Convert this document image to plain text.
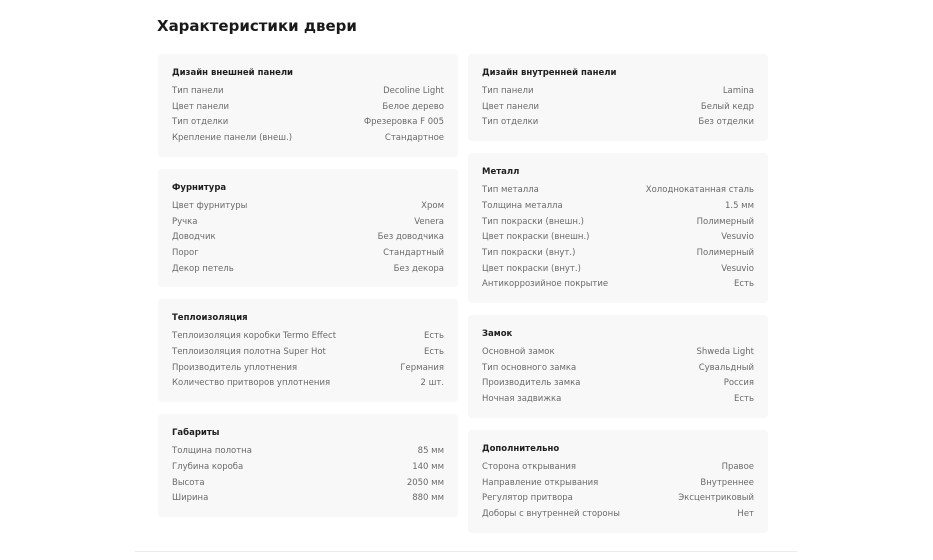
Характеристики двери
Дизайн внешней панели
Тип панели	Decoline Light
Цвет панели	Белое дерево
Тип отделки	Фрезеровка F 005
Крепление панели (внеш.)	Стандартное
Фурнитура
Цвет фурнитуры	Хром
Ручка	Venera
Доводчик	Без доводчика
Порог	Стандартный
Декор петель	Без декора
Теплоизоляция
Теплоизоляция коробки Termo Effect	Есть
Теплоизоляция полотна Super Hot	Есть
Производитель уплотнения	Германия
Количество притворов уплотнения	2 шт.
Габариты
Толщина полотна	85 мм
Глубина короба	140 мм
Высота	2050 мм
Ширина	880 мм
Дизайн внутренней панели
Тип панели	Lamina
Цвет панели	Белый кедр
Тип отделки	Без отделки
Металл
Тип металла	Холоднокатанная сталь
Толщина металла	1.5 мм
Тип покраски (внешн.)	Полимерный
Цвет покраски (внешн.)	Vesuvio
Тип покраски (внут.)	Полимерный
Цвет покраски (внут.)	Vesuvio
Антикоррозийное покрытие	Есть
Замок
Основной замок	Shweda Light
Тип основного замка	Сувальдный
Производитель замка	Россия
Ночная задвижка	Есть
Дополнительно
Сторона открывания	Правое
Направление открывания	Внутреннее
Регулятор притвора	Эксцентриковый
Доборы с внутренней стороны	Нет
